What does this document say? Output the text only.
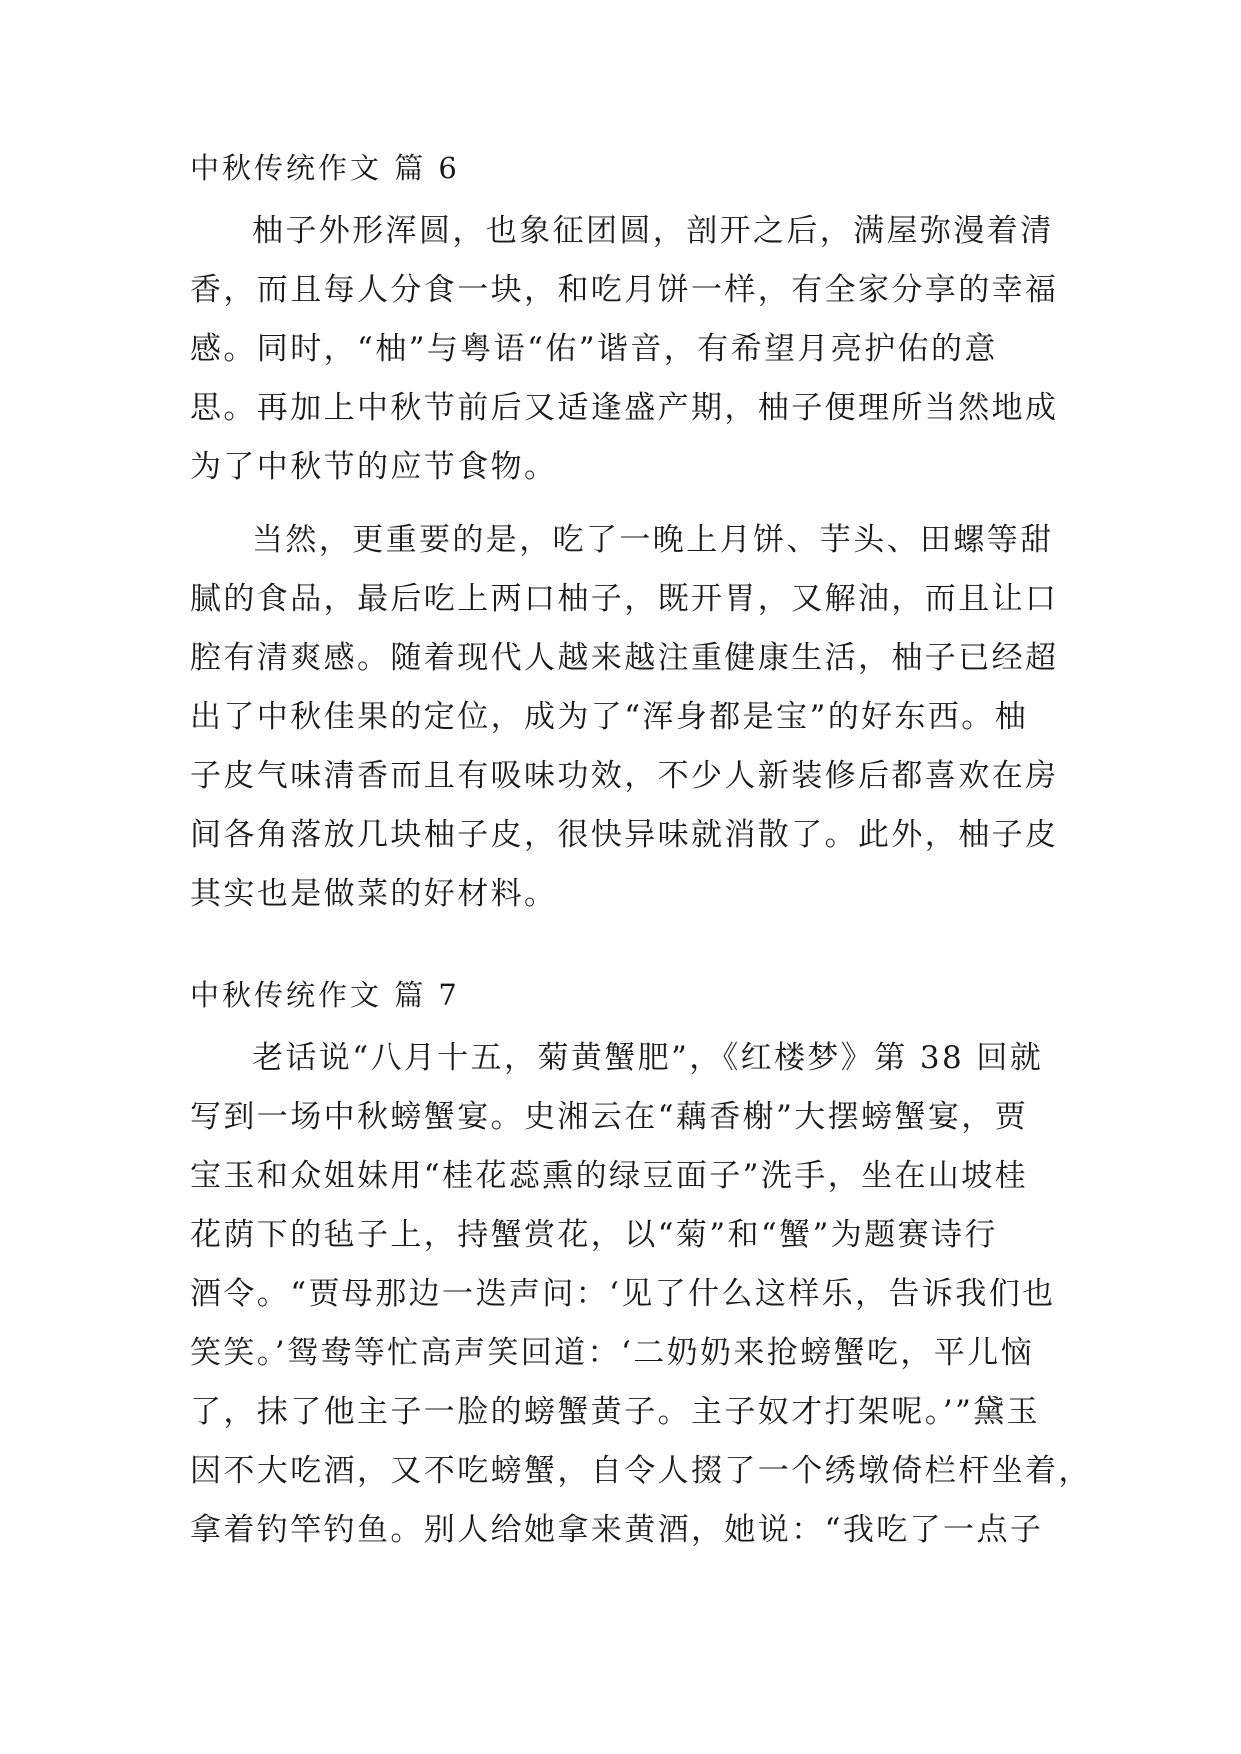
中秋传统作文 篇 6
柚子外形浑圆，也象征团圆，剖开之后，满屋弥漫着清
香，而且每人分食一块，和吃月饼一样，有全家分享的幸福
感。同时，“柚”与粤语“佑”谐音，有希望月亮护佑的意
思。再加上中秋节前后又适逢盛产期，柚子便理所当然地成
为了中秋节的应节食物。
当然，更重要的是，吃了一晚上月饼、芋头、田螺等甜
腻的食品，最后吃上两口柚子，既开胃，又解油，而且让口
腔有清爽感。随着现代人越来越注重健康生活，柚子已经超
出了中秋佳果的定位，成为了“浑身都是宝”的好东西。柚
子皮气味清香而且有吸味功效，不少人新装修后都喜欢在房
间各角落放几块柚子皮，很快异味就消散了。此外，柚子皮
其实也是做菜的好材料。
中秋传统作文 篇 7
老话说“八月十五，菊黄蟹肥”，《红楼梦》第 38 回就
写到一场中秋螃蟹宴。史湘云在“藕香榭”大摆螃蟹宴，贾
宝玉和众姐妹用“桂花蕊熏的绿豆面子”洗手，坐在山坡桂
花荫下的毡子上，持蟹赏花，以“菊”和“蟹”为题赛诗行
酒令。“贾母那边一迭声问：‘见了什么这样乐，告诉我们也
笑笑。’鸳鸯等忙高声笑回道：‘二奶奶来抢螃蟹吃，平儿恼
了，抹了他主子一脸的螃蟹黄子。主子奴才打架呢。’”黛玉
因不大吃酒，又不吃螃蟹，自令人掇了一个绣墩倚栏杆坐着，
拿着钓竿钓鱼。别人给她拿来黄酒，她说：“我吃了一点子
